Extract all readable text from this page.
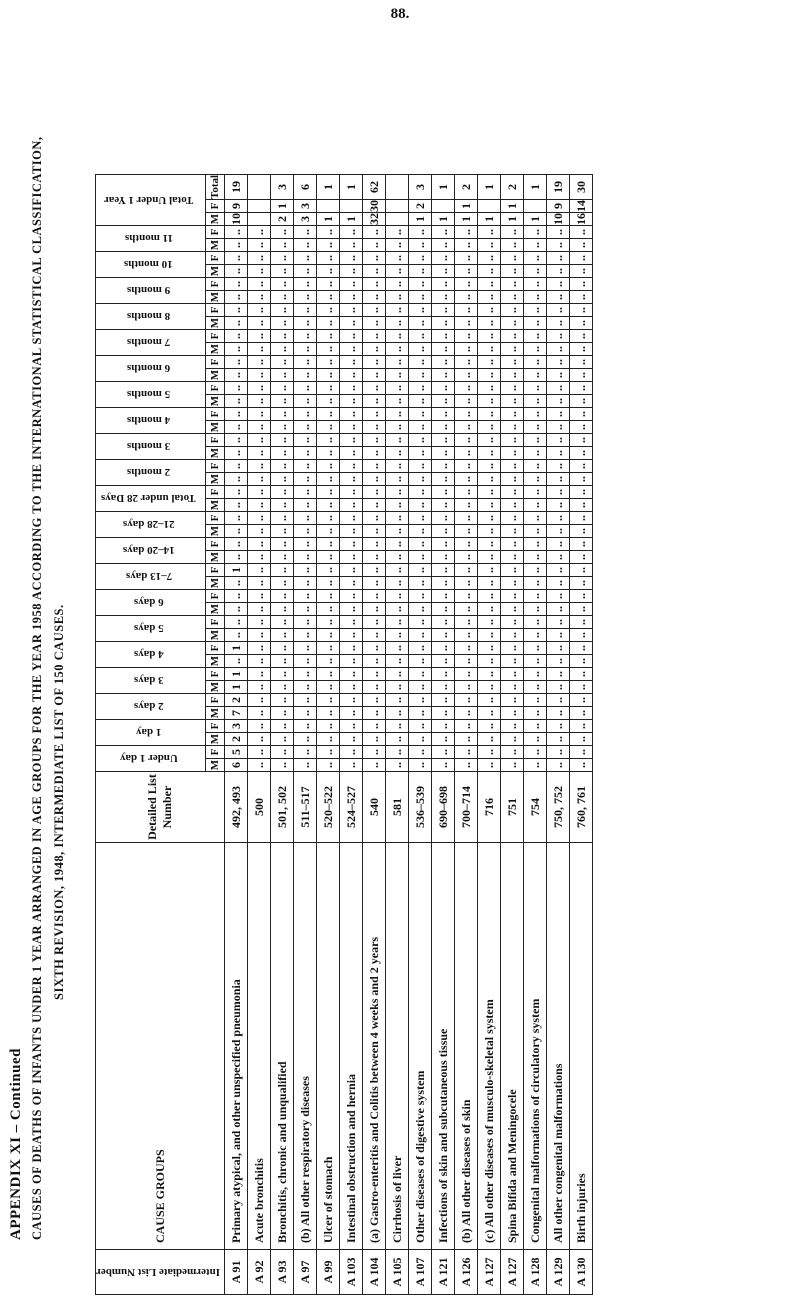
88.
APPENDIX XI – Continued CAUSES OF DEATHS OF INFANTS UNDER 1 YEAR ARRANGED IN AGE GROUPS FOR THE YEAR 1958 ACCORDING TO THE INTERNATIONAL STATISTICAL CLASSIFICATION, SIXTH REVISION, 1948, INTERMEDIATE LIST OF 150 CAUSES.
Intermediate List Number	CAUSE GROUPS	Detailed List Number	Under 1 day		1 day		2 days		3 days		4 days		5 days		6 days		7–13 days		14–20 days		21–28 days		Total under 28 Days		2 months		3 months		4 months		5 months		6 months		7 months		8 months		9 months		10 months		11 months		Total Under 1 Year		
			M	F	M	F	M	F	M	F	M	F	M	F	M	F	M	F	M	F	M	F	M	F	M	F	M	F	M	F	M	F	M	F	M	F	M	F	M	F	M	F	M	F	M	F	Total
A 91	Primary atypical, and other unspecified pneumonia	492, 493	6	5	2	3	7	2	1	1	..	1	..	..	..	..	..	1	..	..	..	..	..	..	..	..	..	..	..	..	..	..	..	..	..	..	..	..	..	..	..	..	..	..	10	9	19
A 92	Acute bronchitis	500	..	..	..	..	..	..	..	..	..	..	..	..	..	..	..	..	..	..	..	..	..	..	..	..	..	..	..	..	..	..	..	..	..	..	..	..	..	..	..	..	..	..			
A 93	Bronchitis, chronic and unqualified	501, 502	..	..	..	..	..	..	..	..	..	..	..	..	..	..	..	..	..	..	..	..	..	..	..	..	..	..	..	..	..	..	..	..	..	..	..	..	..	..	..	..	..	..	2	1	3
A 97	(b) All other respiratory diseases	511–517	..	..	..	..	..	..	..	..	..	..	..	..	..	..	..	..	..	..	..	..	..	..	..	..	..	..	..	..	..	..	..	..	..	..	..	..	..	..	..	..	..	..	3	3	6
A 99	Ulcer of stomach	520–522	..	..	..	..	..	..	..	..	..	..	..	..	..	..	..	..	..	..	..	..	..	..	..	..	..	..	..	..	..	..	..	..	..	..	..	..	..	..	..	..	..	..	1		1
A 103	Intestinal obstruction and hernia	524–527	..	..	..	..	..	..	..	..	..	..	..	..	..	..	..	..	..	..	..	..	..	..	..	..	..	..	..	..	..	..	..	..	..	..	..	..	..	..	..	..	..	..	1		1
A 104	(a) Gastro-enteritis and Colitis between 4 weeks and 2 years	540	..	..	..	..	..	..	..	..	..	..	..	..	..	..	..	..	..	..	..	..	..	..	..	..	..	..	..	..	..	..	..	..	..	..	..	..	..	..	..	..	..	..	32	30	62
A 105	Cirrhosis of liver	581	..	..	..	..	..	..	..	..	..	..	..	..	..	..	..	..	..	..	..	..	..	..	..	..	..	..	..	..	..	..	..	..	..	..	..	..	..	..	..	..	..	..			
A 107	Other diseases of digestive system	536–539	..	..	..	..	..	..	..	..	..	..	..	..	..	..	..	..	..	..	..	..	..	..	..	..	..	..	..	..	..	..	..	..	..	..	..	..	..	..	..	..	..	..	1	2	3
A 121	Infections of skin and subcutaneous tissue	690–698	..	..	..	..	..	..	..	..	..	..	..	..	..	..	..	..	..	..	..	..	..	..	..	..	..	..	..	..	..	..	..	..	..	..	..	..	..	..	..	..	..	..	1		1
A 126	(b) All other diseases of skin	700–714	..	..	..	..	..	..	..	..	..	..	..	..	..	..	..	..	..	..	..	..	..	..	..	..	..	..	..	..	..	..	..	..	..	..	..	..	..	..	..	..	..	..	1	1	2
A 127	(c) All other diseases of musculo-skeletal system	716	..	..	..	..	..	..	..	..	..	..	..	..	..	..	..	..	..	..	..	..	..	..	..	..	..	..	..	..	..	..	..	..	..	..	..	..	..	..	..	..	..	..	1		1
A 127	Spina Bifida and Meningocele	751	..	..	..	..	..	..	..	..	..	..	..	..	..	..	..	..	..	..	..	..	..	..	..	..	..	..	..	..	..	..	..	..	..	..	..	..	..	..	..	..	..	..	1	1	2
A 128	Congenital malformations of circulatory system	754	..	..	..	..	..	..	..	..	..	..	..	..	..	..	..	..	..	..	..	..	..	..	..	..	..	..	..	..	..	..	..	..	..	..	..	..	..	..	..	..	..	..	1		1
A 129	All other congenital malformations	750, 752	..	..	..	..	..	..	..	..	..	..	..	..	..	..	..	..	..	..	..	..	..	..	..	..	..	..	..	..	..	..	..	..	..	..	..	..	..	..	..	..	..	..	10	9	19
A 130	Birth injuries	760, 761	..	..	..	..	..	..	..	..	..	..	..	..	..	..	..	..	..	..	..	..	..	..	..	..	..	..	..	..	..	..	..	..	..	..	..	..	..	..	..	..	..	..	16	14	30
